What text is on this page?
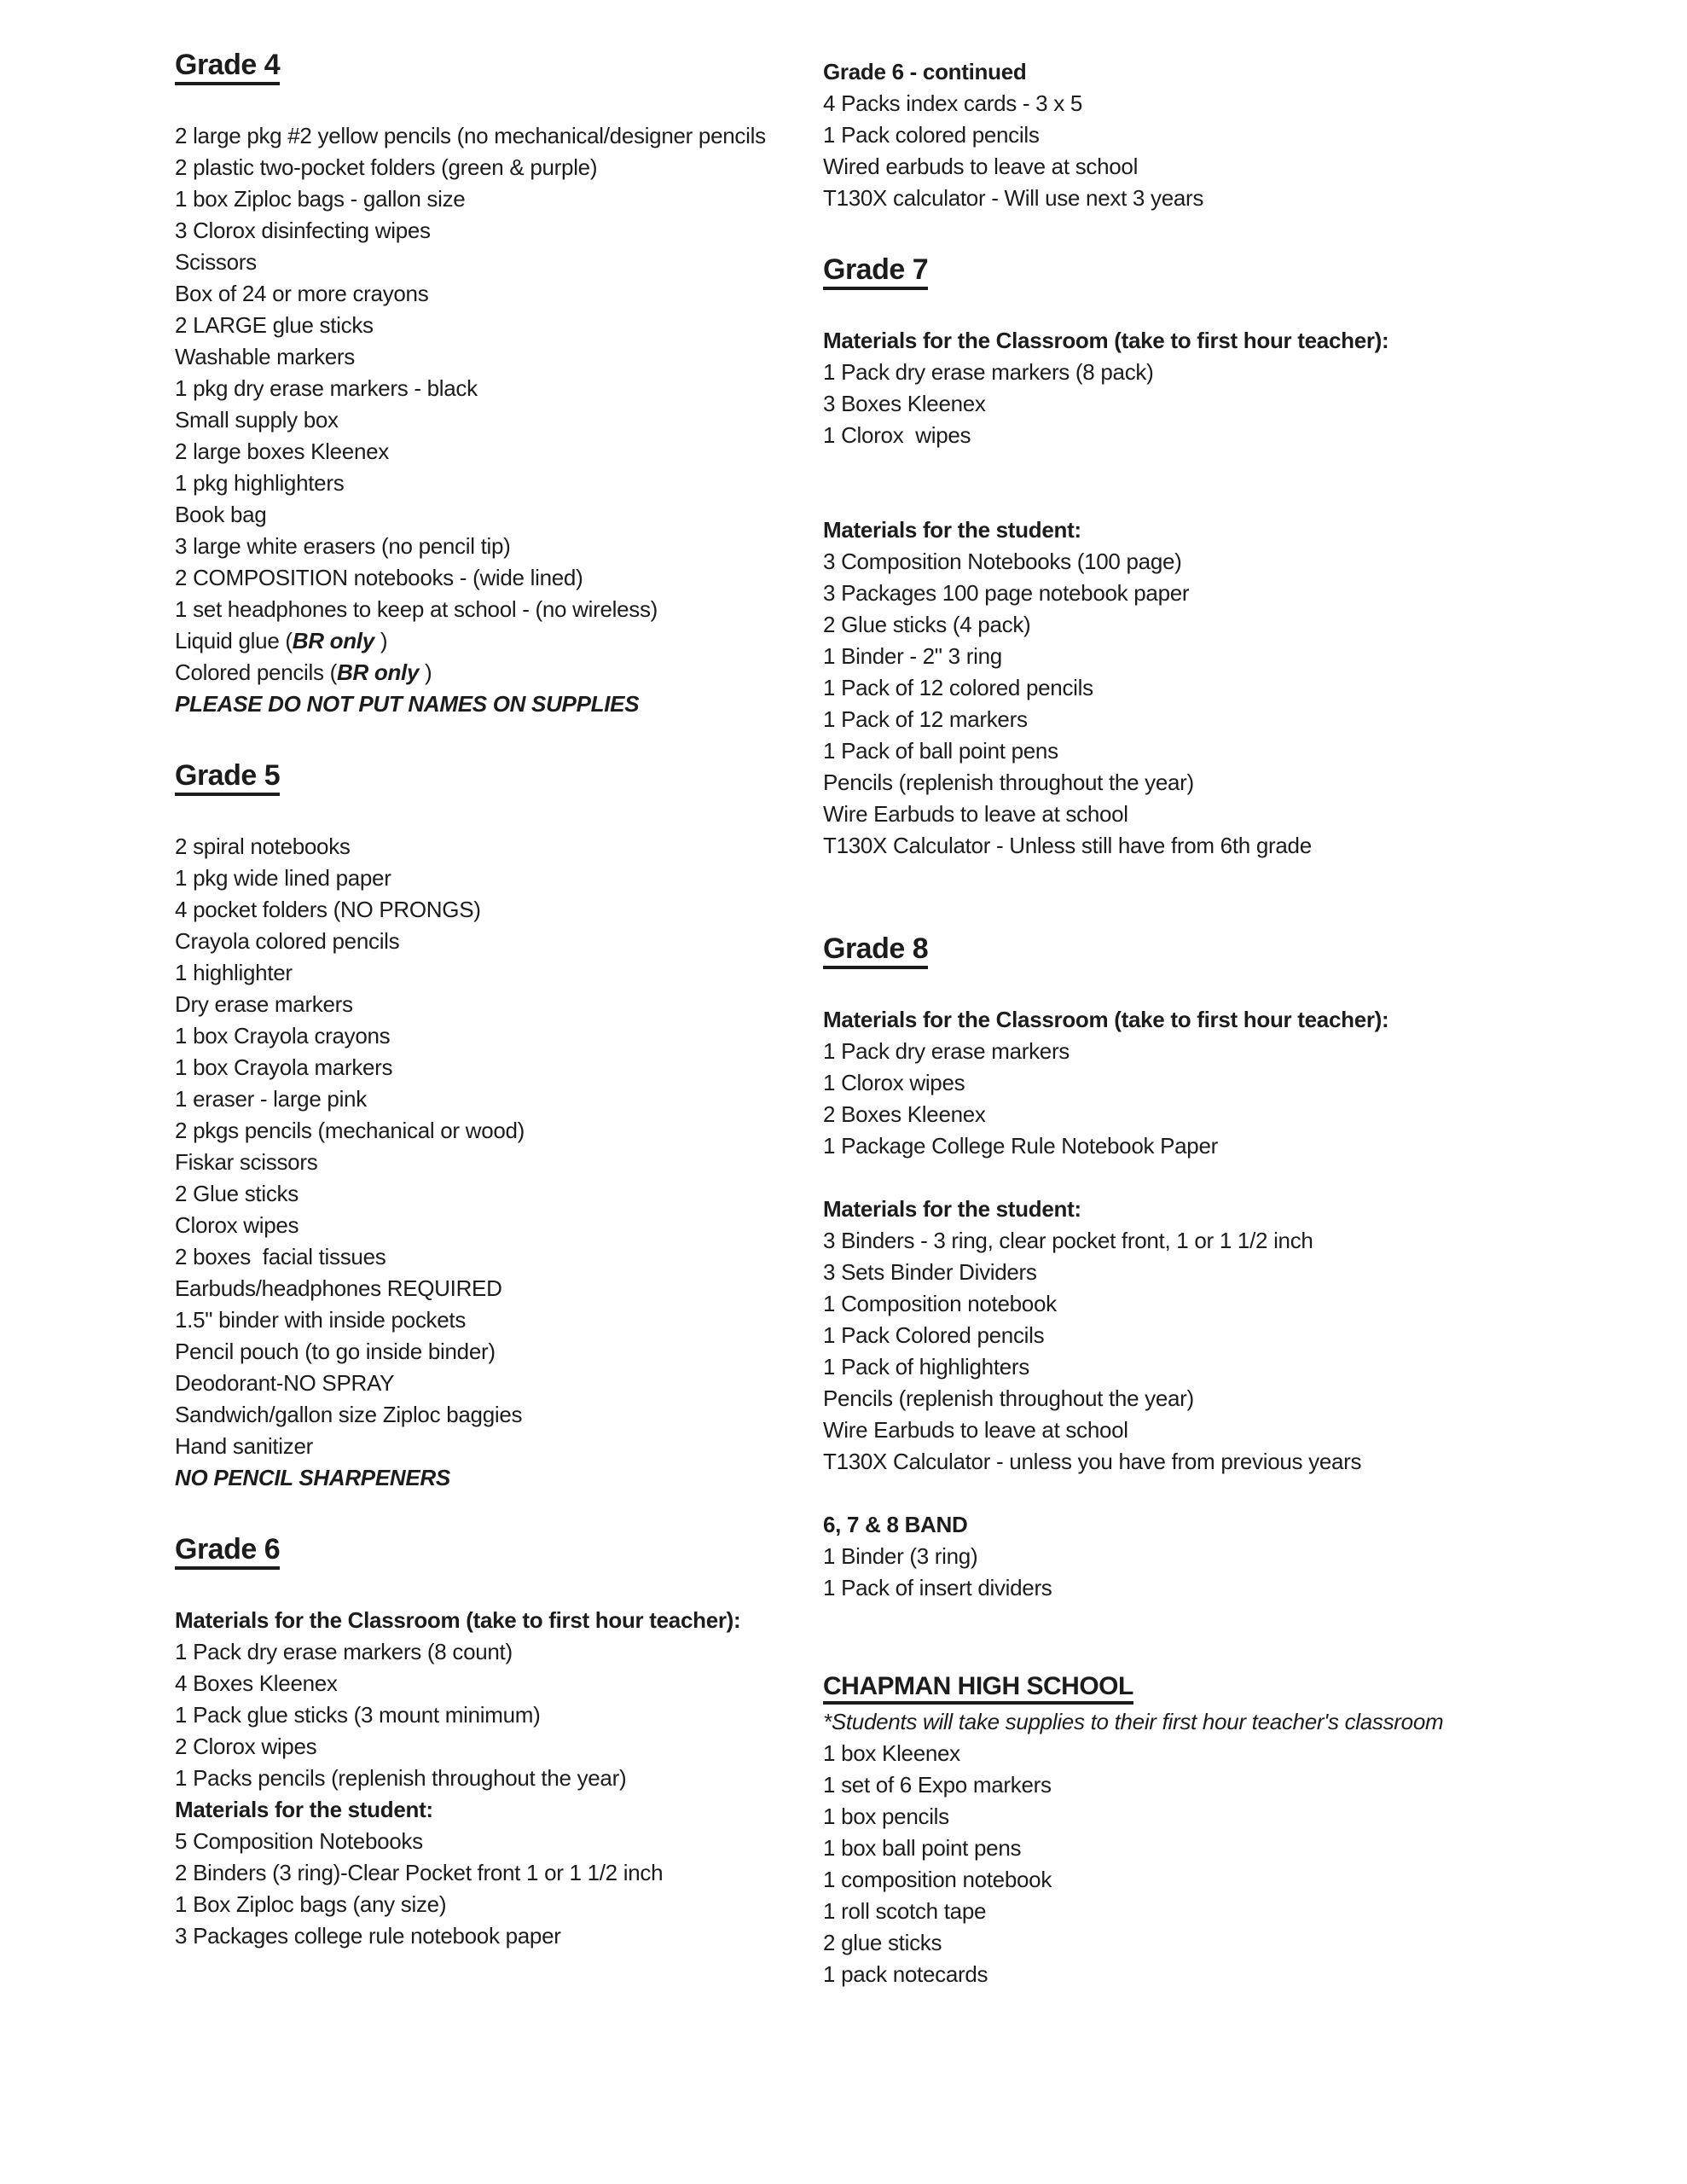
Grade 4
2 large pkg #2 yellow pencils (no mechanical/designer pencils
2 plastic two-pocket folders (green & purple)
1 box Ziploc bags - gallon size
3 Clorox disinfecting wipes
Scissors
Box of 24 or more crayons
2 LARGE glue sticks
Washable markers
1 pkg dry erase markers - black
Small supply box
2 large boxes Kleenex
1 pkg highlighters
Book bag
3 large white erasers (no pencil tip)
2 COMPOSITION notebooks - (wide lined)
1 set headphones to keep at school - (no wireless)
Liquid glue (BR only )
Colored pencils (BR only )
PLEASE DO NOT PUT NAMES ON SUPPLIES
Grade 5
2 spiral notebooks
1 pkg wide lined paper
4 pocket folders (NO PRONGS)
Crayola colored pencils
1 highlighter
Dry erase markers
1 box Crayola crayons
1 box Crayola markers
1 eraser - large pink
2 pkgs pencils (mechanical or wood)
Fiskar scissors
2 Glue sticks
Clorox wipes
2 boxes  facial tissues
Earbuds/headphones REQUIRED
1.5" binder with inside pockets
Pencil pouch (to go inside binder)
Deodorant-NO SPRAY
Sandwich/gallon size Ziploc baggies
Hand sanitizer
NO PENCIL SHARPENERS
Grade 6
Materials for the Classroom (take to first hour teacher):
1 Pack dry erase markers (8 count)
4 Boxes Kleenex
1 Pack glue sticks (3 mount minimum)
2 Clorox wipes
1 Packs pencils (replenish throughout the year)
Materials for the student:
5 Composition Notebooks
2 Binders (3 ring)-Clear Pocket front 1 or 1 1/2 inch
1 Box Ziploc bags (any size)
3 Packages college rule notebook paper
Grade 6 - continued
4 Packs index cards - 3 x 5
1 Pack colored pencils
Wired earbuds to leave at school
T130X calculator - Will use next 3 years
Grade 7
Materials for the Classroom (take to first hour teacher):
1 Pack dry erase markers (8 pack)
3 Boxes Kleenex
1 Clorox  wipes
Materials for the student:
3 Composition Notebooks (100 page)
3 Packages 100 page notebook paper
2 Glue sticks (4 pack)
1 Binder - 2" 3 ring
1 Pack of 12 colored pencils
1 Pack of 12 markers
1 Pack of ball point pens
Pencils (replenish throughout the year)
Wire Earbuds to leave at school
T130X Calculator - Unless still have from 6th grade
Grade 8
Materials for the Classroom (take to first hour teacher):
1 Pack dry erase markers
1 Clorox wipes
2 Boxes Kleenex
1 Package College Rule Notebook Paper
Materials for the student:
3 Binders - 3 ring, clear pocket front, 1 or 1 1/2 inch
3 Sets Binder Dividers
1 Composition notebook
1 Pack Colored pencils
1 Pack of highlighters
Pencils (replenish throughout the year)
Wire Earbuds to leave at school
T130X Calculator - unless you have from previous years
6, 7 & 8 BAND
1 Binder (3 ring)
1 Pack of insert dividers
CHAPMAN HIGH SCHOOL
*Students will take supplies to their first hour teacher's classroom
1 box Kleenex
1 set of 6 Expo markers
1 box pencils
1 box ball point pens
1 composition notebook
1 roll scotch tape
2 glue sticks
1 pack notecards
